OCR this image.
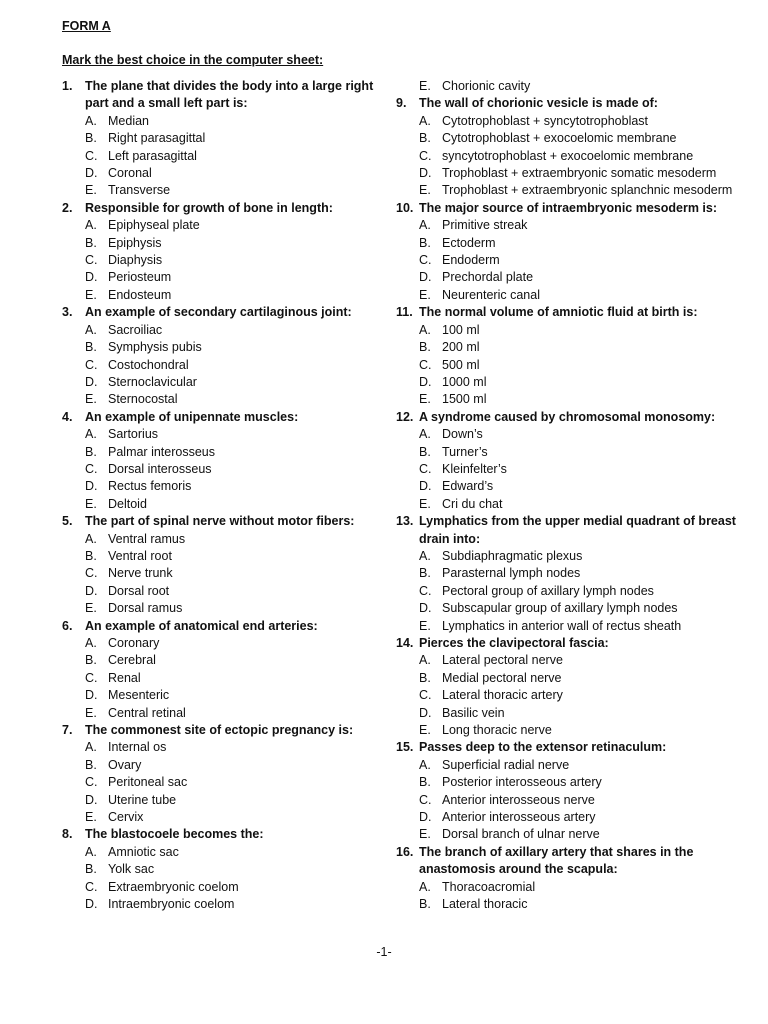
FORM A
Mark the best choice in the computer sheet:
1.	The plane that divides the body into a large right part and a small left part is:
A. Median
B. Right parasagittal
C. Left parasagittal
D. Coronal
E. Transverse
2.	Responsible for growth of bone in length:
A. Epiphyseal plate
B. Epiphysis
C. Diaphysis
D. Periosteum
E. Endosteum
3.	An example of secondary cartilaginous joint:
A. Sacroiliac
B. Symphysis pubis
C. Costochondral
D. Sternoclavicular
E. Sternocostal
4.	An example of unipennate muscles:
A. Sartorius
B. Palmar interosseus
C. Dorsal interosseus
D. Rectus femoris
E. Deltoid
5.	The part of spinal nerve without motor fibers:
A. Ventral ramus
B. Ventral root
C. Nerve trunk
D. Dorsal root
E. Dorsal ramus
6.	An example of anatomical end arteries:
A. Coronary
B. Cerebral
C. Renal
D. Mesenteric
E. Central retinal
7.	The commonest site of ectopic pregnancy is:
A. Internal os
B. Ovary
C. Peritoneal sac
D. Uterine tube
E. Cervix
8.	The blastocoele becomes the:
A. Amniotic sac
B. Yolk sac
C. Extraembryonic coelom
D. Intraembryonic coelom
E. Chorionic cavity
9.	The wall of chorionic vesicle is made of:
A. Cytotrophoblast + syncytotrophoblast
B. Cytotrophoblast + exocoelomic membrane
C. syncytotrophoblast + exocoelomic membrane
D. Trophoblast + extraembryonic somatic mesoderm
E. Trophoblast + extraembryonic splanchnic mesoderm
10. The major source of intraembryonic mesoderm is:
A. Primitive streak
B. Ectoderm
C. Endoderm
D. Prechordal plate
E. Neurenteric canal
11. The normal volume of amniotic fluid at birth is:
A. 100 ml
B. 200 ml
C. 500 ml
D. 1000 ml
E. 1500 ml
12. A syndrome caused by chromosomal monosomy:
A. Down’s
B. Turner’s
C. Kleinfelter’s
D. Edward’s
E. Cri du chat
13. Lymphatics from the upper medial quadrant of breast drain into:
A. Subdiaphragmatic plexus
B. Parasternal lymph nodes
C. Pectoral group of axillary lymph nodes
D. Subscapular group of axillary lymph nodes
E. Lymphatics in anterior wall of rectus sheath
14. Pierces the clavipectoral fascia:
A. Lateral pectoral nerve
B. Medial pectoral nerve
C. Lateral thoracic artery
D. Basilic vein
E. Long thoracic nerve
15. Passes deep to the extensor retinaculum:
A. Superficial radial nerve
B. Posterior interosseous artery
C. Anterior interosseous nerve
D. Anterior interosseous artery
E. Dorsal branch of ulnar nerve
16. The branch of axillary artery that shares in the anastomosis around the scapula:
A. Thoracoacromial
B. Lateral thoracic
-1-
